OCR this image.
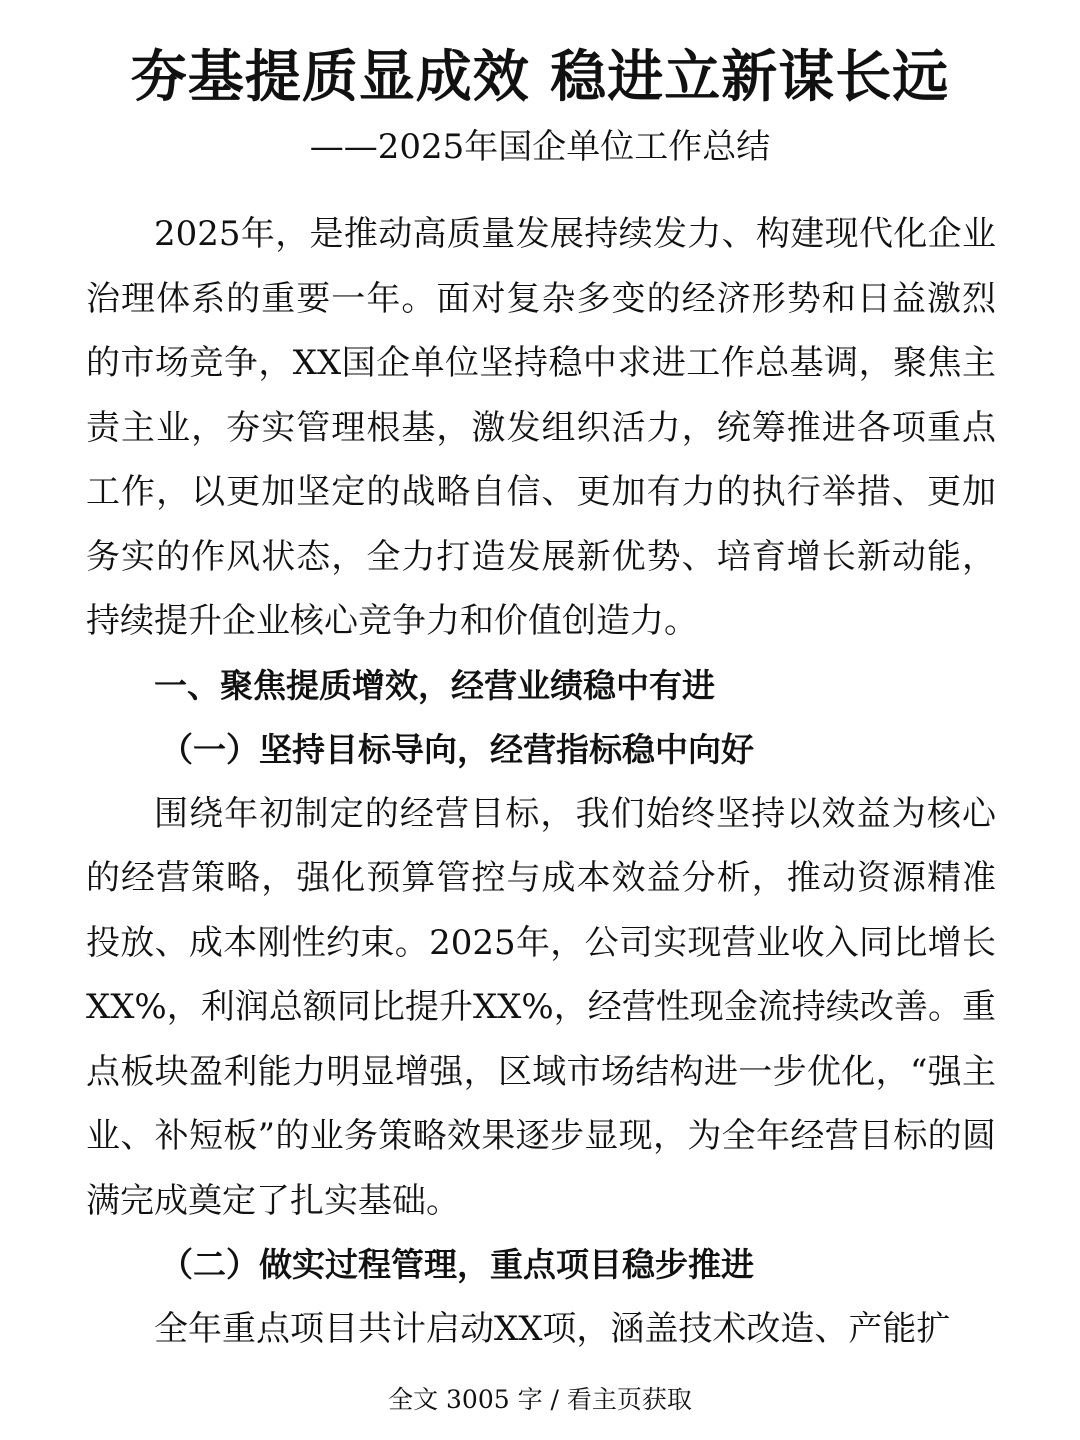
夯基提质显成效 稳进立新谋长远

——2025年国企单位工作总结

2025年，是推动高质量发展持续发力、构建现代化企业治理体系的重要一年。面对复杂多变的经济形势和日益激烈的市场竞争，XX国企单位坚持稳中求进工作总基调，聚焦主责主业，夯实管理根基，激发组织活力，统筹推进各项重点工作，以更加坚定的战略自信、更加有力的执行举措、更加务实的作风状态，全力打造发展新优势、培育增长新动能，持续提升企业核心竞争力和价值创造力。

一、聚焦提质增效，经营业绩稳中有进

（一）坚持目标导向，经营指标稳中向好

围绕年初制定的经营目标，我们始终坚持以效益为核心的经营策略，强化预算管控与成本效益分析，推动资源精准投放、成本刚性约束。2025年，公司实现营业收入同比增长XX%，利润总额同比提升XX%，经营性现金流持续改善。重点板块盈利能力明显增强，区域市场结构进一步优化，“强主业、补短板”的业务策略效果逐步显现，为全年经营目标的圆满完成奠定了扎实基础。

（二）做实过程管理，重点项目稳步推进

全年重点项目共计启动XX项，涵盖技术改造、产能扩

全文 3005 字 / 看主页获取
